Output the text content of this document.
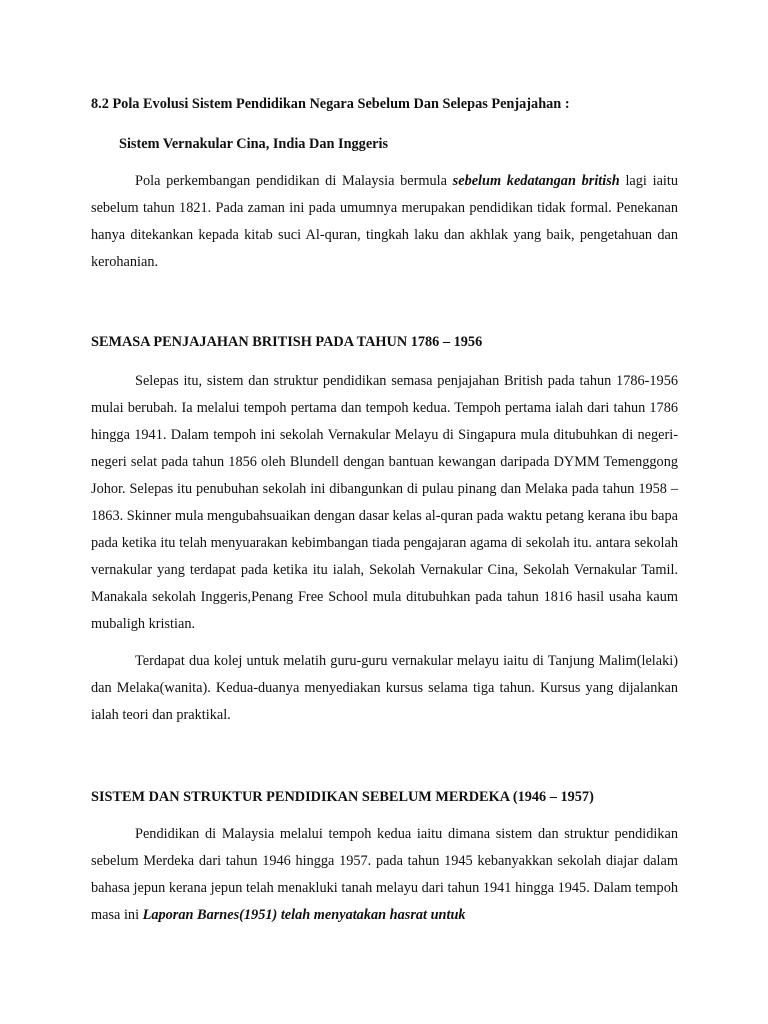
8.2 Pola Evolusi Sistem Pendidikan Negara Sebelum Dan Selepas Penjajahan :
Sistem Vernakular Cina, India Dan Inggeris

Pola perkembangan pendidikan di Malaysia bermula sebelum kedatangan british lagi iaitu sebelum tahun 1821. Pada zaman ini pada umumnya merupakan pendidikan tidak formal. Penekanan hanya ditekankan kepada kitab suci Al-quran, tingkah laku dan akhlak yang baik, pengetahuan dan kerohanian.

SEMASA PENJAJAHAN BRITISH PADA TAHUN 1786 – 1956

Selepas itu, sistem dan struktur pendidikan semasa penjajahan British pada tahun 1786-1956 mulai berubah. Ia melalui tempoh pertama dan tempoh kedua. Tempoh pertama ialah dari tahun 1786 hingga 1941. Dalam tempoh ini sekolah Vernakular Melayu di Singapura mula ditubuhkan di negeri-negeri selat pada tahun 1856 oleh Blundell dengan bantuan kewangan daripada DYMM Temenggong Johor. Selepas itu penubuhan sekolah ini dibangunkan di pulau pinang dan Melaka pada tahun 1958 – 1863. Skinner mula mengubahsuaikan dengan dasar kelas al-quran pada waktu petang kerana ibu bapa pada ketika itu telah menyuarakan kebimbangan tiada pengajaran agama di sekolah itu. antara sekolah vernakular yang terdapat pada ketika itu ialah, Sekolah Vernakular Cina, Sekolah Vernakular Tamil. Manakala sekolah Inggeris,Penang Free School mula ditubuhkan pada tahun 1816 hasil usaha kaum mubaligh kristian.

Terdapat dua kolej untuk melatih guru-guru vernakular melayu iaitu di Tanjung Malim(lelaki) dan Melaka(wanita). Kedua-duanya menyediakan kursus selama tiga tahun. Kursus yang dijalankan ialah teori dan praktikal.

SISTEM DAN STRUKTUR PENDIDIKAN SEBELUM MERDEKA (1946 – 1957)

Pendidikan di Malaysia melalui tempoh kedua iaitu dimana sistem dan struktur pendidikan sebelum Merdeka dari tahun 1946 hingga 1957. pada tahun 1945 kebanyakkan sekolah diajar dalam bahasa jepun kerana jepun telah menakluki tanah melayu dari tahun 1941 hingga 1945. Dalam tempoh masa ini Laporan Barnes(1951) telah menyatakan hasrat untuk
